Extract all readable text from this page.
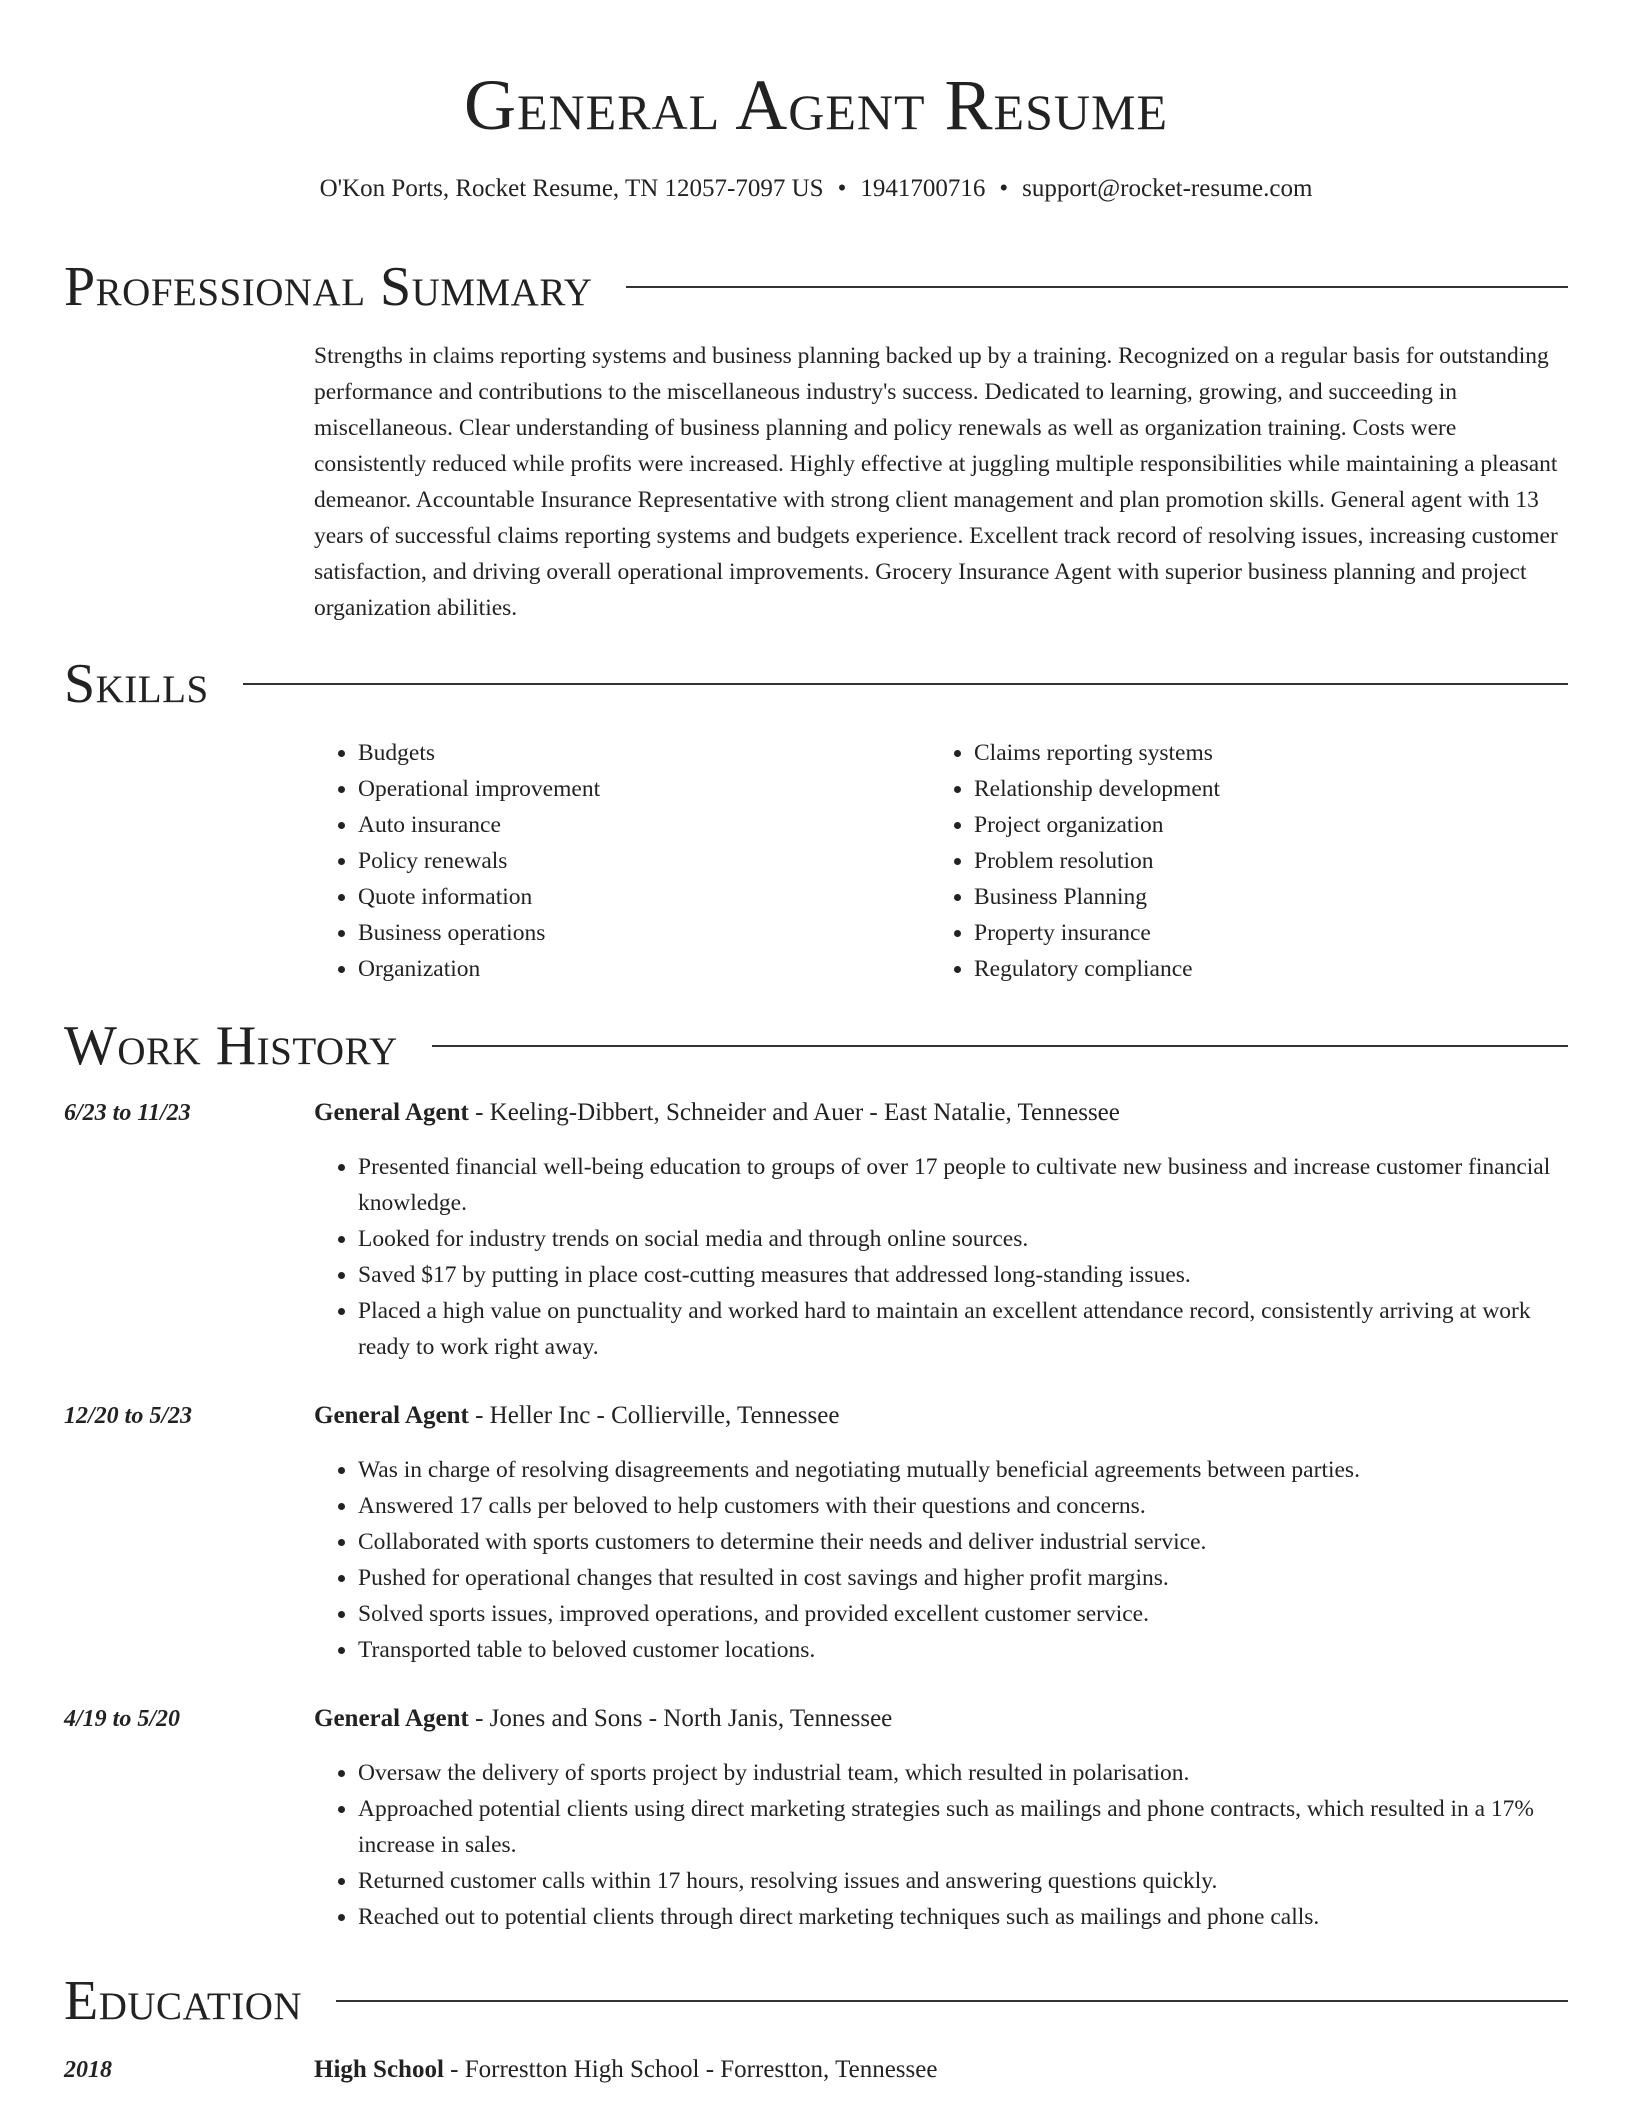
General Agent Resume
O'Kon Ports, Rocket Resume, TN 12057-7097 US • 1941700716 • support@rocket-resume.com
Professional Summary

Strengths in claims reporting systems and business planning backed up by a training. Recognized on a regular basis for outstanding performance and contributions to the miscellaneous industry's success. Dedicated to learning, growing, and succeeding in miscellaneous. Clear understanding of business planning and policy renewals as well as organization training. Costs were consistently reduced while profits were increased. Highly effective at juggling multiple responsibilities while maintaining a pleasant demeanor. Accountable Insurance Representative with strong client management and plan promotion skills. General agent with 13 years of successful claims reporting systems and budgets experience. Excellent track record of resolving issues, increasing customer satisfaction, and driving overall operational improvements. Grocery Insurance Agent with superior business planning and project organization abilities.

Skills
• Budgets
• Operational improvement
• Auto insurance
• Policy renewals
• Quote information
• Business operations
• Organization
• Claims reporting systems
• Relationship development
• Project organization
• Problem resolution
• Business Planning
• Property insurance
• Regulatory compliance
Work History
6/23 to 11/23	General Agent - Keeling-Dibbert, Schneider and Auer - East Natalie, Tennessee
• Presented financial well-being education to groups of over 17 people to cultivate new business and increase customer financial knowledge.
• Looked for industry trends on social media and through online sources.
• Saved $17 by putting in place cost-cutting measures that addressed long-standing issues.
• Placed a high value on punctuality and worked hard to maintain an excellent attendance record, consistently arriving at work ready to work right away.
12/20 to 5/23	General Agent - Heller Inc - Collierville, Tennessee
• Was in charge of resolving disagreements and negotiating mutually beneficial agreements between parties.
• Answered 17 calls per beloved to help customers with their questions and concerns.
• Collaborated with sports customers to determine their needs and deliver industrial service.
• Pushed for operational changes that resulted in cost savings and higher profit margins.
• Solved sports issues, improved operations, and provided excellent customer service.
• Transported table to beloved customer locations.
4/19 to 5/20	General Agent - Jones and Sons - North Janis, Tennessee
• Oversaw the delivery of sports project by industrial team, which resulted in polarisation.
• Approached potential clients using direct marketing strategies such as mailings and phone contracts, which resulted in a 17% increase in sales.
• Returned customer calls within 17 hours, resolving issues and answering questions quickly.
• Reached out to potential clients through direct marketing techniques such as mailings and phone calls.
Education
2018	High School - Forrestton High School - Forrestton, Tennessee
